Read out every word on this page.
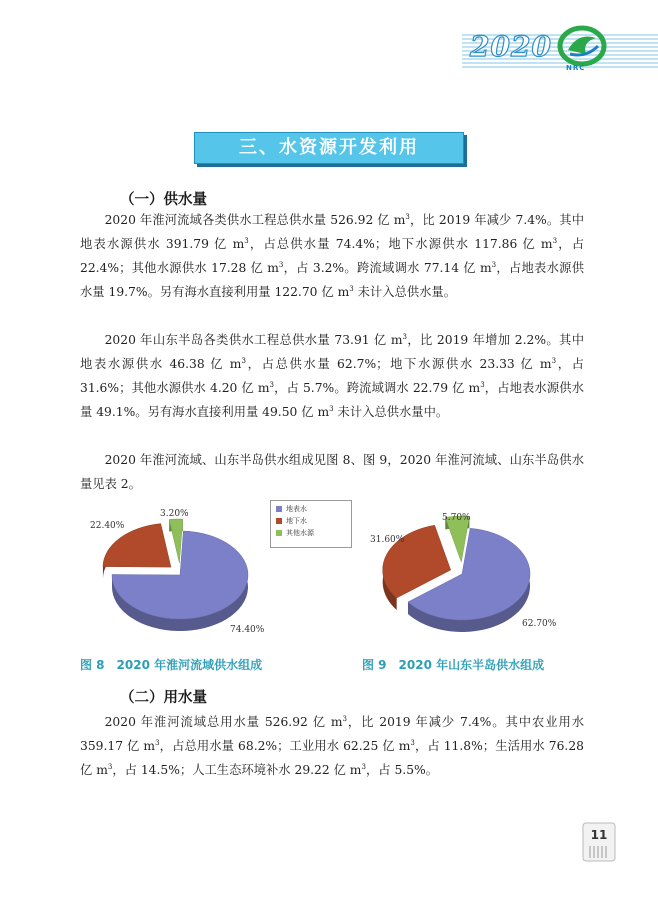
2020
NRC
三、水资源开发利用
（一）供水量
2020 年淮河流域各类供水工程总供水量 526.92 亿 $m^3$，比 2019 年减少 7.4%。其中地表水源供水 391.79 亿 $m^3$，占总供水量 74.4%；地下水源供水 117.86 亿 $m^3$，占 22.4%；其他水源供水 17.28 亿 $m^3$，占 3.2%。跨流域调水 77.14 亿 $m^3$，占地表水源供水量 19.7%。另有海水直接利用量 122.70 亿 $m^3$ 未计入总供水量。
2020 年山东半岛各类供水工程总供水量 73.91 亿 $m^3$，比 2019 年增加 2.2%。其中地表水源供水 46.38 亿 $m^3$，占总供水量 62.7%；地下水源供水 23.33 亿 $m^3$，占 31.6%；其他水源供水 4.20 亿 $m^3$，占 5.7%。跨流域调水 22.79 亿 $m^3$，占地表水源供水量 49.1%。另有海水直接利用量 49.50 亿 $m^3$ 未计入总供水量中。
2020 年淮河流域、山东半岛供水组成见图 8、图 9，2020 年淮河流域、山东半岛供水量见表 2。
74.40%
22.40%
3.20%	地表水
地下水
其他水源
62.70%
31.60%
5.70%
图 8　2020 年淮河流域供水组成	图 9　2020 年山东半岛供水组成
（二）用水量
2020 年淮河流域总用水量 526.92 亿 $m^3$，比 2019 年减少 7.4%。其中农业用水 359.17 亿 $m^3$，占总用水量 68.2%；工业用水 62.25 亿 $m^3$，占 11.8%；生活用水 76.28 亿 $m^3$，占 14.5%；人工生态环境补水 29.22 亿 $m^3$，占 5.5%。
11
